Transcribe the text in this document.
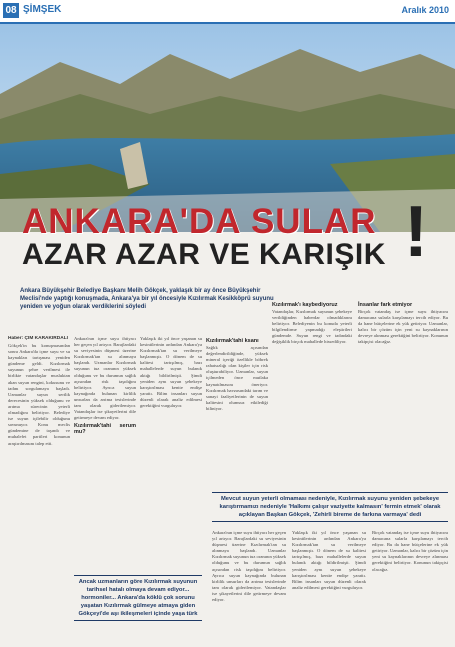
08 ŞİMŞEK	Aralık 2010
ANKARA'DA SULAR
AZAR AZAR VE KARIŞIK !
Ankara Büyükşehir Belediye Başkanı Melih Gökçek, yaklaşık bir ay önce Büyükşehir Meclisi'nde yaptığı konuşmada, Ankara'ya bir yıl öncesiyle Kızılırmak Kesikköprü suyunu yeniden ve yoğun olarak verdiklerini söyledi
Haber: ÇİM KARAKIRDALI

Gökçek'in bu konuşmasından sonra Ankara'da içme suyu ve su kaynakları tartışması yeniden gündeme geldi. Kızılırmak suyunun şehre verilmesi ile birlikte vatandaşlar musluktan akan suyun rengini, kokusunu ve tadını sorgulamaya başladı. Uzmanlar suyun sertlik derecesinin yüksek olduğunu ve arıtma sürecinin yeterli olmadığını belirtiyor. Belediye ise suyun içilebilir olduğunu savunuyor. Konu meclis gündemine de taşındı ve muhalefet partileri konunun araştırılmasını talep etti.

Ankara'nın içme suyu ihtiyacı her geçen yıl artıyor. Barajlardaki su seviyesinin düşmesi üzerine Kızılırmak'tan su alınmaya başlandı. Uzmanlar Kızılırmak suyunun tuz oranının yüksek olduğunu ve bu durumun sağlık açısından risk taşıdığını belirtiyor. Ayrıca suyun kaynağında bulunan kirlilik unsurları da arıtma tesislerinde tam olarak giderilemiyor. Vatandaşlar ise şikayetlerini dile getirmeye devam ediyor.

Kızılırmak'tahi serum mu?

Yaklaşık iki yıl önce yaşanan su kesintilerinin ardından Ankara'ya Kızılırmak'tan su verilmeye başlanmıştı. O dönem de su kalitesi tartışılmış, bazı mahallelerde suyun bulanık aktığı bildirilmişti. Şimdi yeniden aynı suyun şebekeye karıştırılması kentte endişe yarattı. Bilim insanları suyun düzenli olarak analiz edilmesi gerektiğini vurguluyor.

Kızılırmak'tahi ksanı

Sağlık açısından değerlendirildiğinde, yüksek mineral içeriği özellikle böbrek rahatsızlığı olan kişiler için risk oluşturabiliyor. Uzmanlar, suyun içilmeden önce mutlaka kaynatılmasını öneriyor. Kızılırmak havzasındaki tarım ve sanayi faaliyetlerinin de suyun kalitesini olumsuz etkilediği biliniyor.

Kızılırmak'ı kaybediyoruz

Vatandaşlar, Kızılırmak suyunun şebekeye verildiğinden haberdar olmadıklarını belirtiyor. Belediyenin bu konuda yeterli bilgilendirme yapmadığı eleştirileri gündemde. Suyun rengi ve tadındaki değişiklik birçok mahallede hissediliyor.

İnsanlar fark etmiyor

Birçok vatandaş ise içme suyu ihtiyacını damacana sularla karşılamayı tercih ediyor. Bu da hane bütçelerine ek yük getiriyor. Uzmanlar, kalıcı bir çözüm için yeni su kaynaklarının devreye alınması gerektiğini belirtiyor. Konunun takipçisi olacağız.

Ancak uzmanların göre Kızılırmak suyunun tarihsel hatalı olmaya devam ediyor... hormoniler... Ankara'da köklü çok sorunu yaşatan Kızılırmak gülmeye atmaya giden Gökçeyi'de aşı ikileşmeleri içinde yaşa türk
Mevcut suyun yeterli olmaması nedeniyle, Kızılırmak suyunu yeniden şebekeye karıştırmamızı nedeniyle 'Halkımı çalışır vaziyette kalmasın' fermin etmek' olarak açıklayan Başkan Gökçek, 'Zehirli bireme de farkına varmaya' dedi

Ankara'nın içme suyu ihtiyacı her geçen yıl artıyor. Barajlardaki su seviyesinin düşmesi üzerine Kızılırmak'tan su alınmaya başlandı. Uzmanlar Kızılırmak suyunun tuz oranının yüksek olduğunu ve bu durumun sağlık açısından risk taşıdığını belirtiyor. Ayrıca suyun kaynağında bulunan kirlilik unsurları da arıtma tesislerinde tam olarak giderilemiyor. Vatandaşlar ise şikayetlerini dile getirmeye devam ediyor.

Yaklaşık iki yıl önce yaşanan su kesintilerinin ardından Ankara'ya Kızılırmak'tan su verilmeye başlanmıştı. O dönem de su kalitesi tartışılmış, bazı mahallelerde suyun bulanık aktığı bildirilmişti. Şimdi yeniden aynı suyun şebekeye karıştırılması kentte endişe yarattı. Bilim insanları suyun düzenli olarak analiz edilmesi gerektiğini vurguluyor.

Birçok vatandaş ise içme suyu ihtiyacını damacana sularla karşılamayı tercih ediyor. Bu da hane bütçelerine ek yük getiriyor. Uzmanlar, kalıcı bir çözüm için yeni su kaynaklarının devreye alınması gerektiğini belirtiyor. Konunun takipçisi olacağız.
